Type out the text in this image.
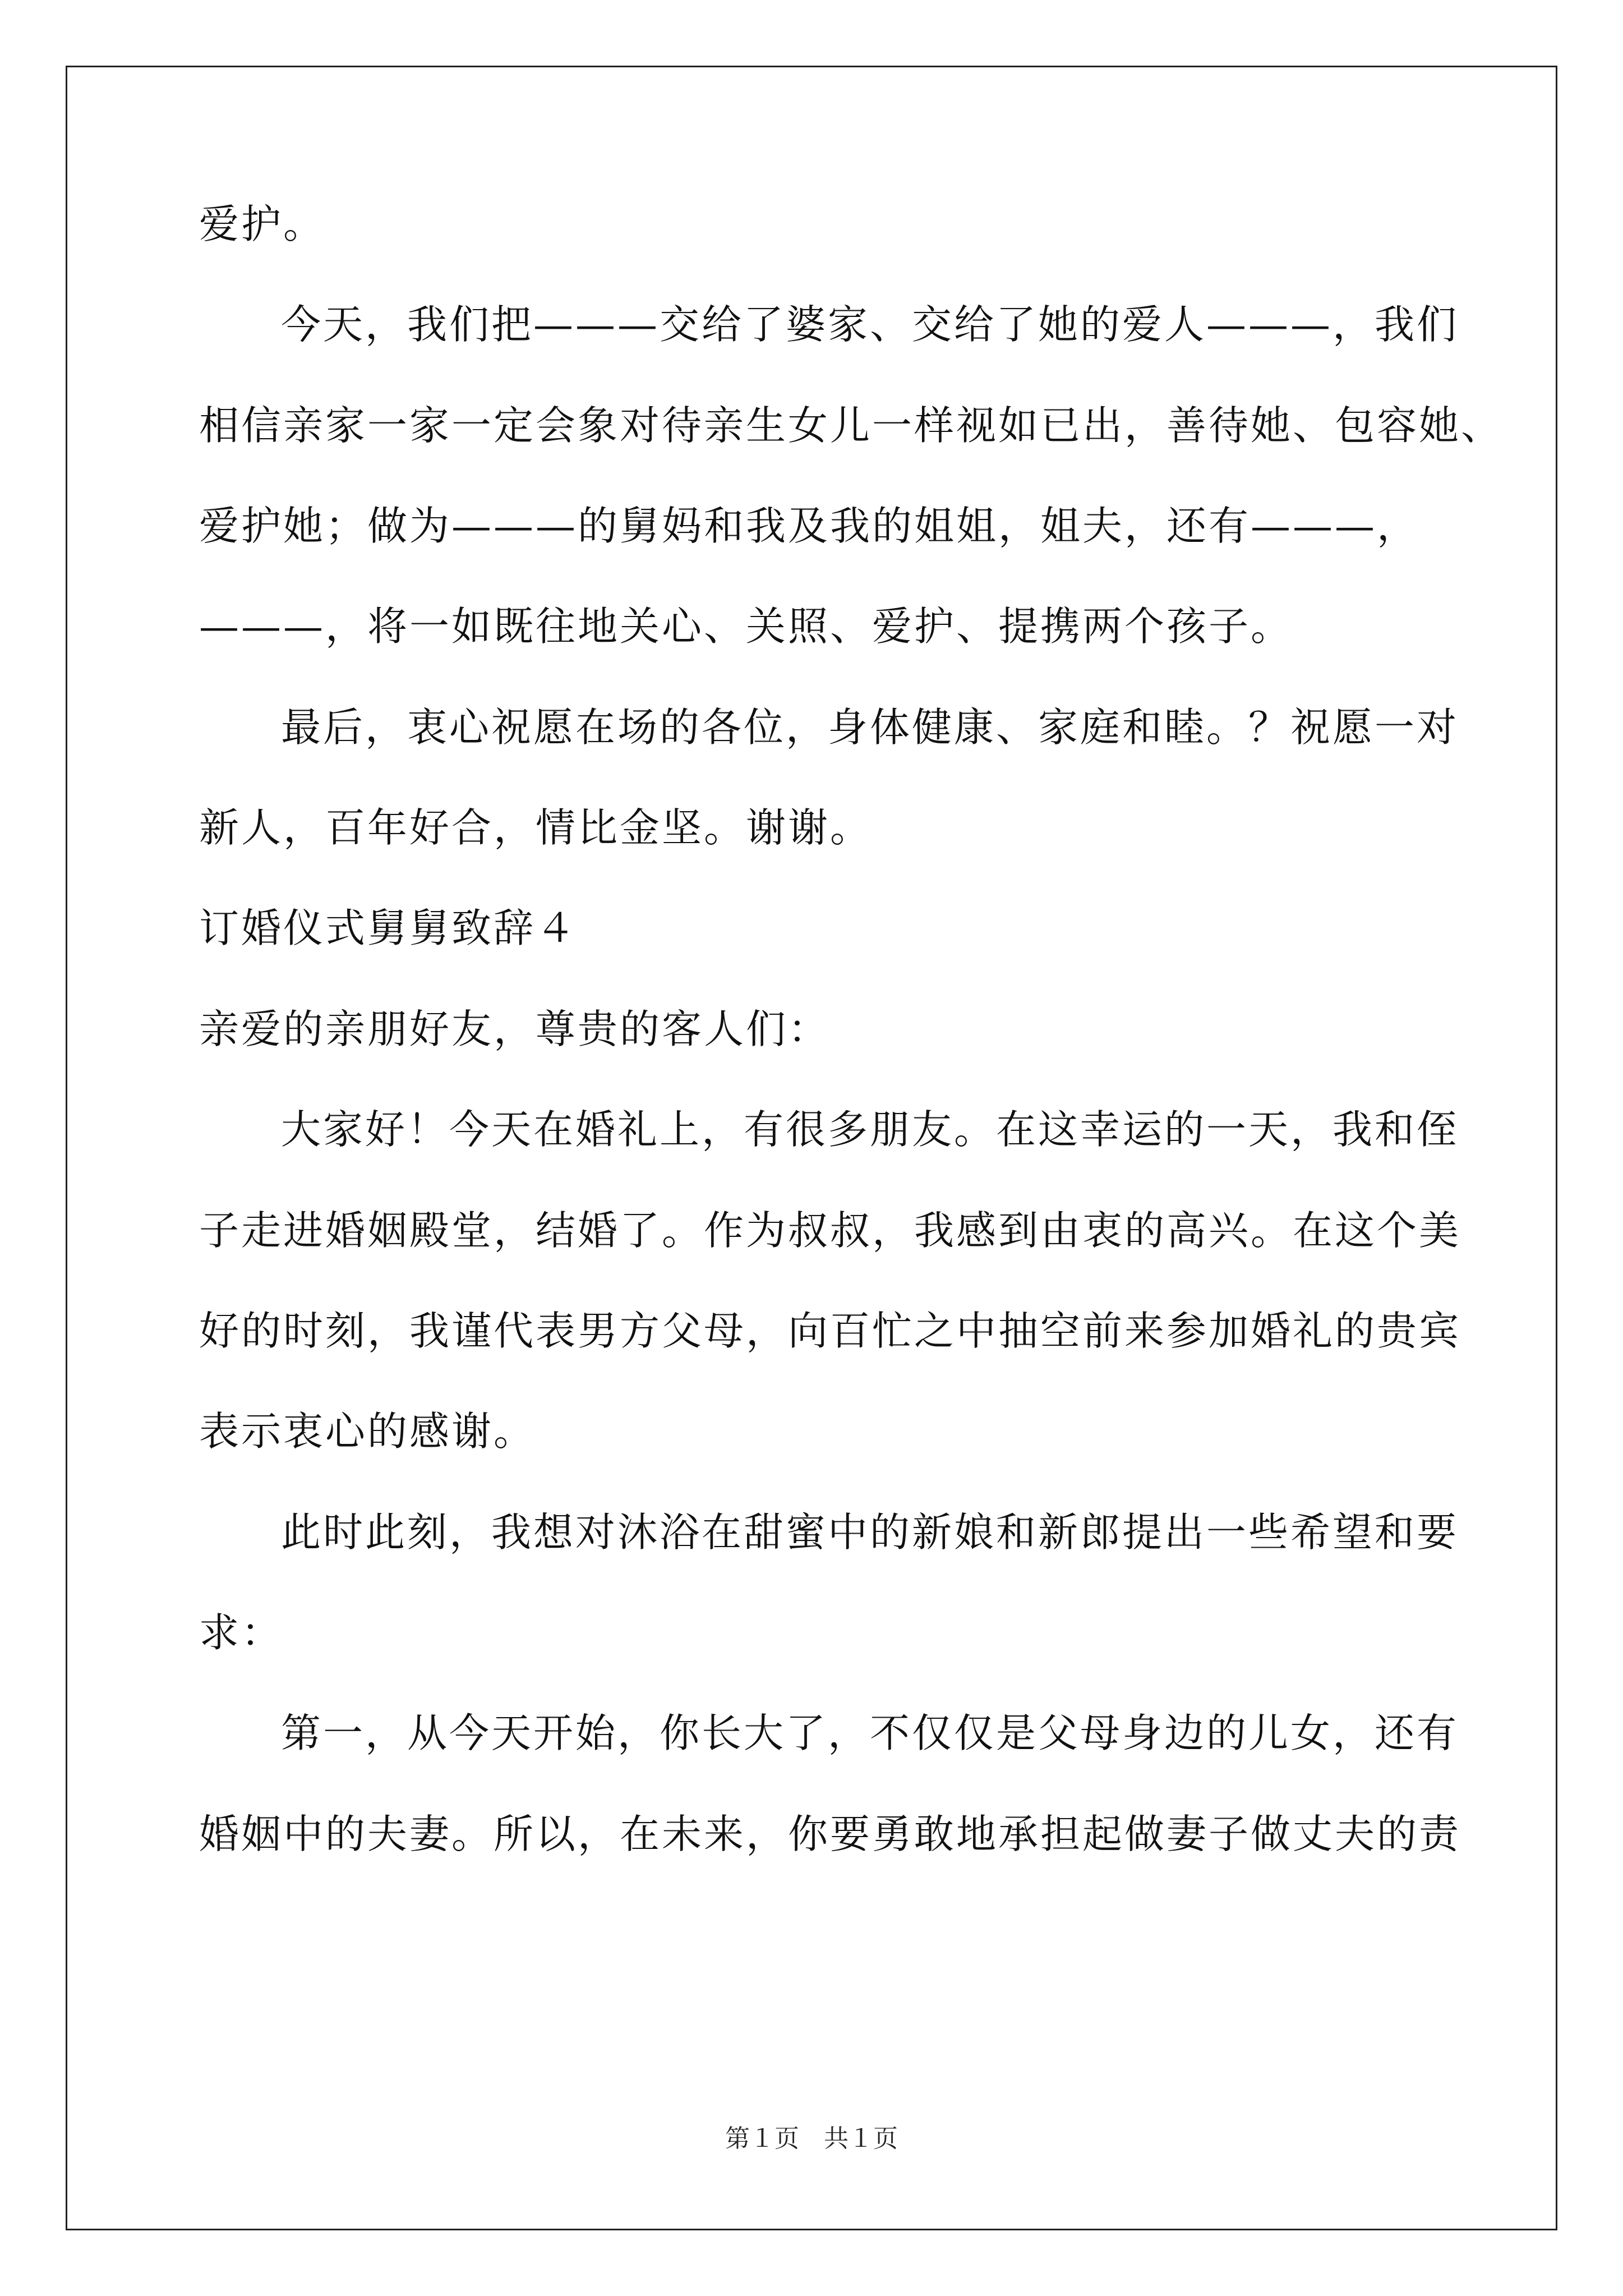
爱护。
今天，我们把———交给了婆家、交给了她的爱人———，我们
相信亲家一家一定会象对待亲生女儿一样视如已出，善待她、包容她、
爱护她；做为———的舅妈和我及我的姐姐，姐夫，还有———，
———，将一如既往地关心、关照、爱护、提携两个孩子。
最后，衷心祝愿在场的各位，身体健康、家庭和睦。？祝愿一对
新人，百年好合，情比金坚。谢谢。
订婚仪式舅舅致辞４
亲爱的亲朋好友，尊贵的客人们：
大家好！今天在婚礼上，有很多朋友。在这幸运的一天，我和侄
子走进婚姻殿堂，结婚了。作为叔叔，我感到由衷的高兴。在这个美
好的时刻，我谨代表男方父母，向百忙之中抽空前来参加婚礼的贵宾
表示衷心的感谢。
此时此刻，我想对沐浴在甜蜜中的新娘和新郎提出一些希望和要
求：
第一，从今天开始，你长大了，不仅仅是父母身边的儿女，还有
婚姻中的夫妻。所以，在未来，你要勇敢地承担起做妻子做丈夫的责
第１页 共１页
